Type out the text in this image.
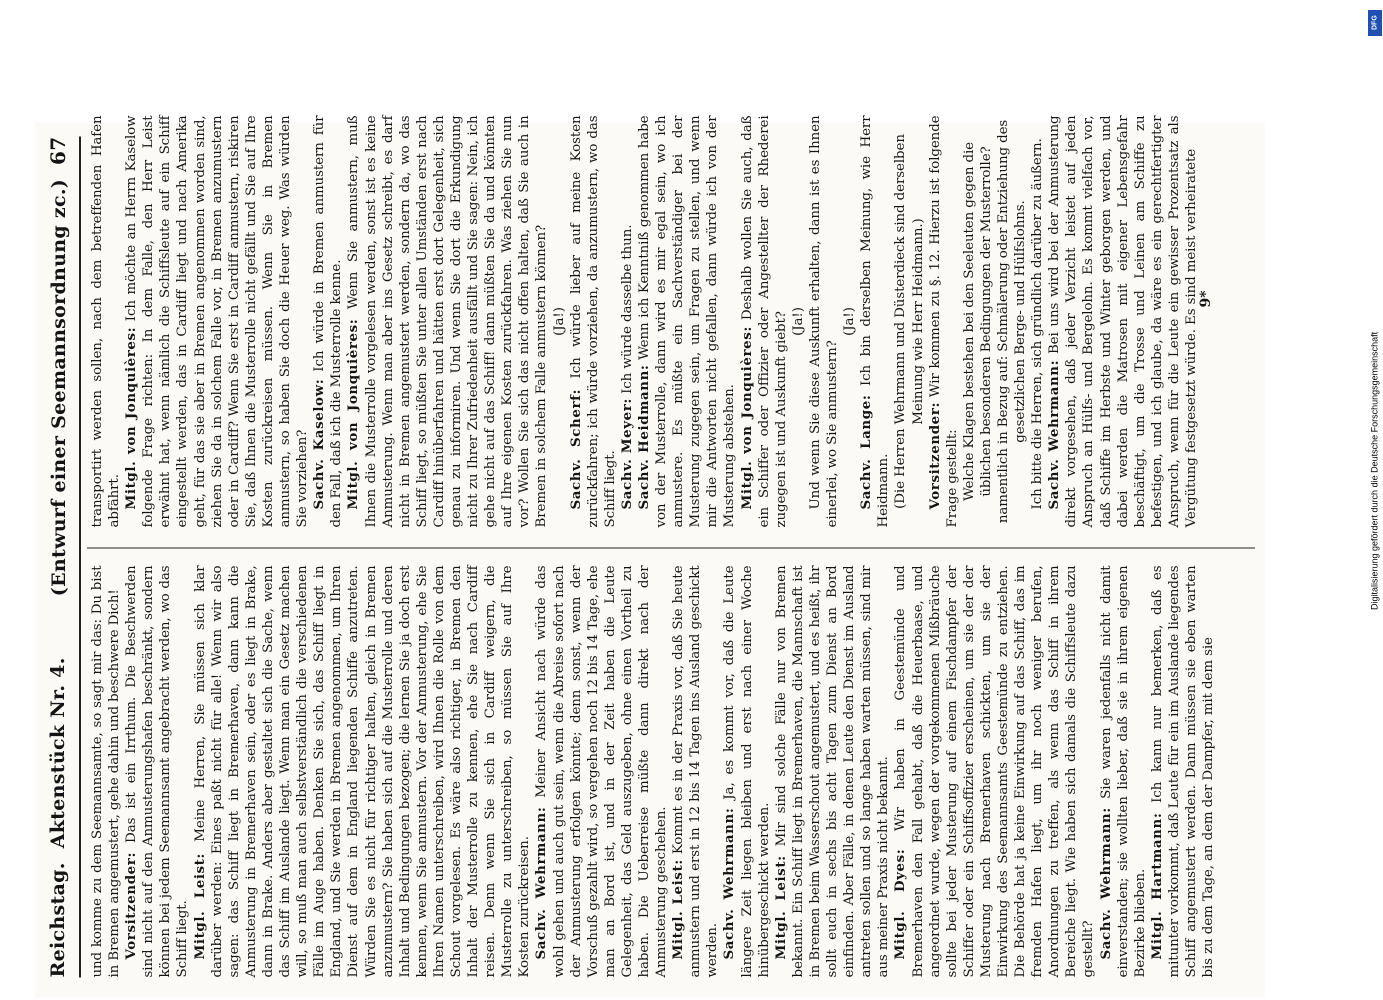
Reichstag.
Aktenstück Nr. 4.
(Entwurf einer Seemannsordnung zc.)
67

und komme zu dem Seemannsamte, so sagt mir das: Du bist in Bremen angemustert, gehe dahin und beschwere Dich! Vorsitzender: Das ist ein Irrthum. Die Beschwerden sind nicht auf den Anmusterungshafen beschränkt, sondern können bei jedem Seemannsamt angebracht werden, wo das Schiff liegt. Mitgl. Leist: Meine Herren, Sie müssen sich klar darüber werden: Eines paßt nicht für alle! Wenn wir also sagen: das Schiff liegt in Bremerhaven, dann kann die Anmusterung in Bremerhaven sein, oder es liegt in Brake, dann in Brake. Anders aber gestaltet sich die Sache, wenn das Schiff im Auslande liegt. Wenn man ein Gesetz machen will, so muß man auch selbstverständlich die verschiedenen Fälle im Auge haben. Denken Sie sich, das Schiff liegt in England, und Sie werden in Bremen angenommen, um Ihren Dienst auf dem in England liegenden Schiffe anzutreten. Würden Sie es nicht für richtiger halten, gleich in Bremen anzumustern? Sie haben sich auf die Musterrolle und deren Inhalt und Bedingungen bezogen; die lernen Sie ja doch erst kennen, wenn Sie anmustern. Vor der Anmusterung, ehe Sie Ihren Namen unterschreiben, wird Ihnen die Rolle von dem Schout vorgelesen. Es wäre also richtiger, in Bremen den Inhalt der Musterrolle zu kennen, ehe Sie nach Cardiff reisen. Denn wenn Sie sich in Cardiff weigern, die Musterrolle zu unterschreiben, so müssen Sie auf Ihre Kosten zurückreisen. Sachv. Wehrmann: Meiner Ansicht nach würde das wohl gehen und auch gut sein, wenn die Abreise sofort nach der Anmusterung erfolgen könnte; denn sonst, wenn der Vorschuß gezahlt wird, so vergehen noch 12 bis 14 Tage, ehe man an Bord ist, und in der Zeit haben die Leute Gelegenheit, das Geld auszugeben, ohne einen Vortheil zu haben. Die Ueberreise müßte dann direkt nach der Anmusterung geschehen. Mitgl. Leist: Kommt es in der Praxis vor, daß Sie heute anmustern und erst in 12 bis 14 Tagen ins Ausland geschickt werden. Sachv. Wehrmann: Ja, es kommt vor, daß die Leute längere Zeit liegen bleiben und erst nach einer Woche hinübergeschickt werden. Mitgl. Leist: Mir sind solche Fälle nur von Bremen bekannt. Ein Schiff liegt in Bremerhaven, die Mannschaft ist in Bremen beim Wasserschout angemustert, und es heißt, ihr sollt euch in sechs bis acht Tagen zum Dienst an Bord einfinden. Aber Fälle, in denen Leute den Dienst im Ausland antreten sollen und so lange haben warten müssen, sind mir aus meiner Praxis nicht bekannt. Mitgl. Dyes: Wir haben in Geestemünde und Bremerhaven den Fall gehabt, daß die Heuerbaase, und angeordnet wurde, wegen der vorgekommenen Mißbräuche sollte bei jeder Musterung auf einem Fischdampfer der Schiffer oder ein Schiffsoffizier erscheinen, um sie der der Musterung nach Bremerhaven schickten, um sie der Einwirkung des Seemannsamts Geestemünde zu entziehen. Die Behörde hat ja keine Einwirkung auf das Schiff, das im fremden Hafen liegt, um ihr noch weniger berufen, Anordnungen zu treffen, als wenn das Schiff in ihrem Bereiche liegt. Wie haben sich damals die Schiffsleute dazu gestellt? Sachv. Wehrmann: Sie waren jedenfalls nicht damit einverstanden; sie wollten lieber, daß sie in ihrem eigenen Bezirke blieben. Mitgl. Hartmann: Ich kann nur bemerken, daß es mitunter vorkommt, daß Leute für ein im Auslande liegendes Schiff angemustert werden. Dann müssen sie eben warten bis zu dem Tage, an dem der Dampfer, mit dem sie

transportirt werden sollen, nach dem betreffenden Hafen abfährt. Mitgl. von Jonquières: Ich möchte an Herrn Kaselow folgende Frage richten: In dem Falle, den Herr Leist erwähnt hat, wenn nämlich die Schiffsleute auf ein Schiff eingestellt werden, das in Cardiff liegt und nach Amerika geht, für das sie aber in Bremen angenommen worden sind, ziehen Sie da in solchem Falle vor, in Bremen anzumustern oder in Cardiff? Wenn Sie erst in Cardiff anmustern, riskiren Sie, daß Ihnen die Musterrolle nicht gefällt und Sie auf Ihre Kosten zurückreisen müssen. Wenn Sie in Bremen anmustern, so haben Sie doch die Heuer weg. Was würden Sie vorziehen? Sachv. Kaselow: Ich würde in Bremen anmustern für den Fall, daß ich die Musterrolle kenne. Mitgl. von Jonquières: Wenn Sie anmustern, muß Ihnen die Musterrolle vorgelesen werden, sonst ist es keine Anmusterung. Wenn man aber ins Gesetz schreibt, es darf nicht in Bremen angemustert werden, sondern da, wo das Schiff liegt, so müßten Sie unter allen Umständen erst nach Cardiff hinüberfahren und hätten erst dort Gelegenheit, sich genau zu informiren. Und wenn Sie dort die Erkundigung nicht zu Ihrer Zufriedenheit ausfällt und Sie sagen: Nein, ich gehe nicht auf das Schiff! dann müßten Sie da und könnten auf Ihre eigenen Kosten zurückfahren. Was ziehen Sie nun vor? Wollen Sie sich das nicht offen halten, daß Sie auch in Bremen in solchem Falle anmustern können? (Ja!)

Sachv. Scherf: Ich würde lieber auf meine Kosten zurückfahren; ich würde vorziehen, da anzumustern, wo das Schiff liegt. Sachv. Meyer: Ich würde dasselbe thun.

Sachv. Heidmann: Wenn ich Kenntniß genommen habe von der Musterrolle, dann wird es mir egal sein, wo ich anmustere. Es müßte ein Sachverständiger bei der Musterung zugegen sein, um Fragen zu stellen, und wenn mir die Antworten nicht gefallen, dann würde ich von der Musterung abstehen. Mitgl. von Jonquières: Deshalb wollen Sie auch, daß ein Schiffer oder Offizier oder Angestellter der Rhederei zugegen ist und Auskunft giebt? (Ja!) Und wenn Sie diese Auskunft erhalten, dann ist es Ihnen einerlei, wo Sie anmustern?

(Ja!)

Sachv. Lange: Ich bin derselben Meinung, wie Herr Heidmann. (Die Herren Wehrmann und Düsterdieck sind derselben Meinung wie Herr Heidmann.)

Vorsitzender: Wir kommen zu §. 12. Hierzu ist folgende Frage gestellt: Welche Klagen bestehen bei den Seeleuten gegen die üblichen besonderen Bedingungen der Musterrolle? namentlich in Bezug auf: Schmälerung oder Entziehung des gesetzlichen Berge- und Hülfslohns. Ich bitte die Herren, sich gründlich darüber zu äußern. Sachv. Wehrmann: Bei uns wird bei der Anmusterung direkt vorgesehen, daß jeder Verzicht leistet auf jeden Anspruch an Hülfs- und Bergelohn. Es kommt vielfach vor, daß Schiffe im Herbste und Winter geborgen werden, und dabei werden die Matrosen mit eigener Lebensgefahr beschäftigt, um die Trosse und Leinen am Schiffe zu befestigen, und ich glaube, da wäre es ein gerechtfertigter Anspruch, wenn für die Leute ein gewisser Prozentsatz als Vergütung festgesetzt würde. Es sind meist verheiratete 9*
DFG
Digitalisierung gefördert durch die Deutsche Forschungsgemeinschaft
